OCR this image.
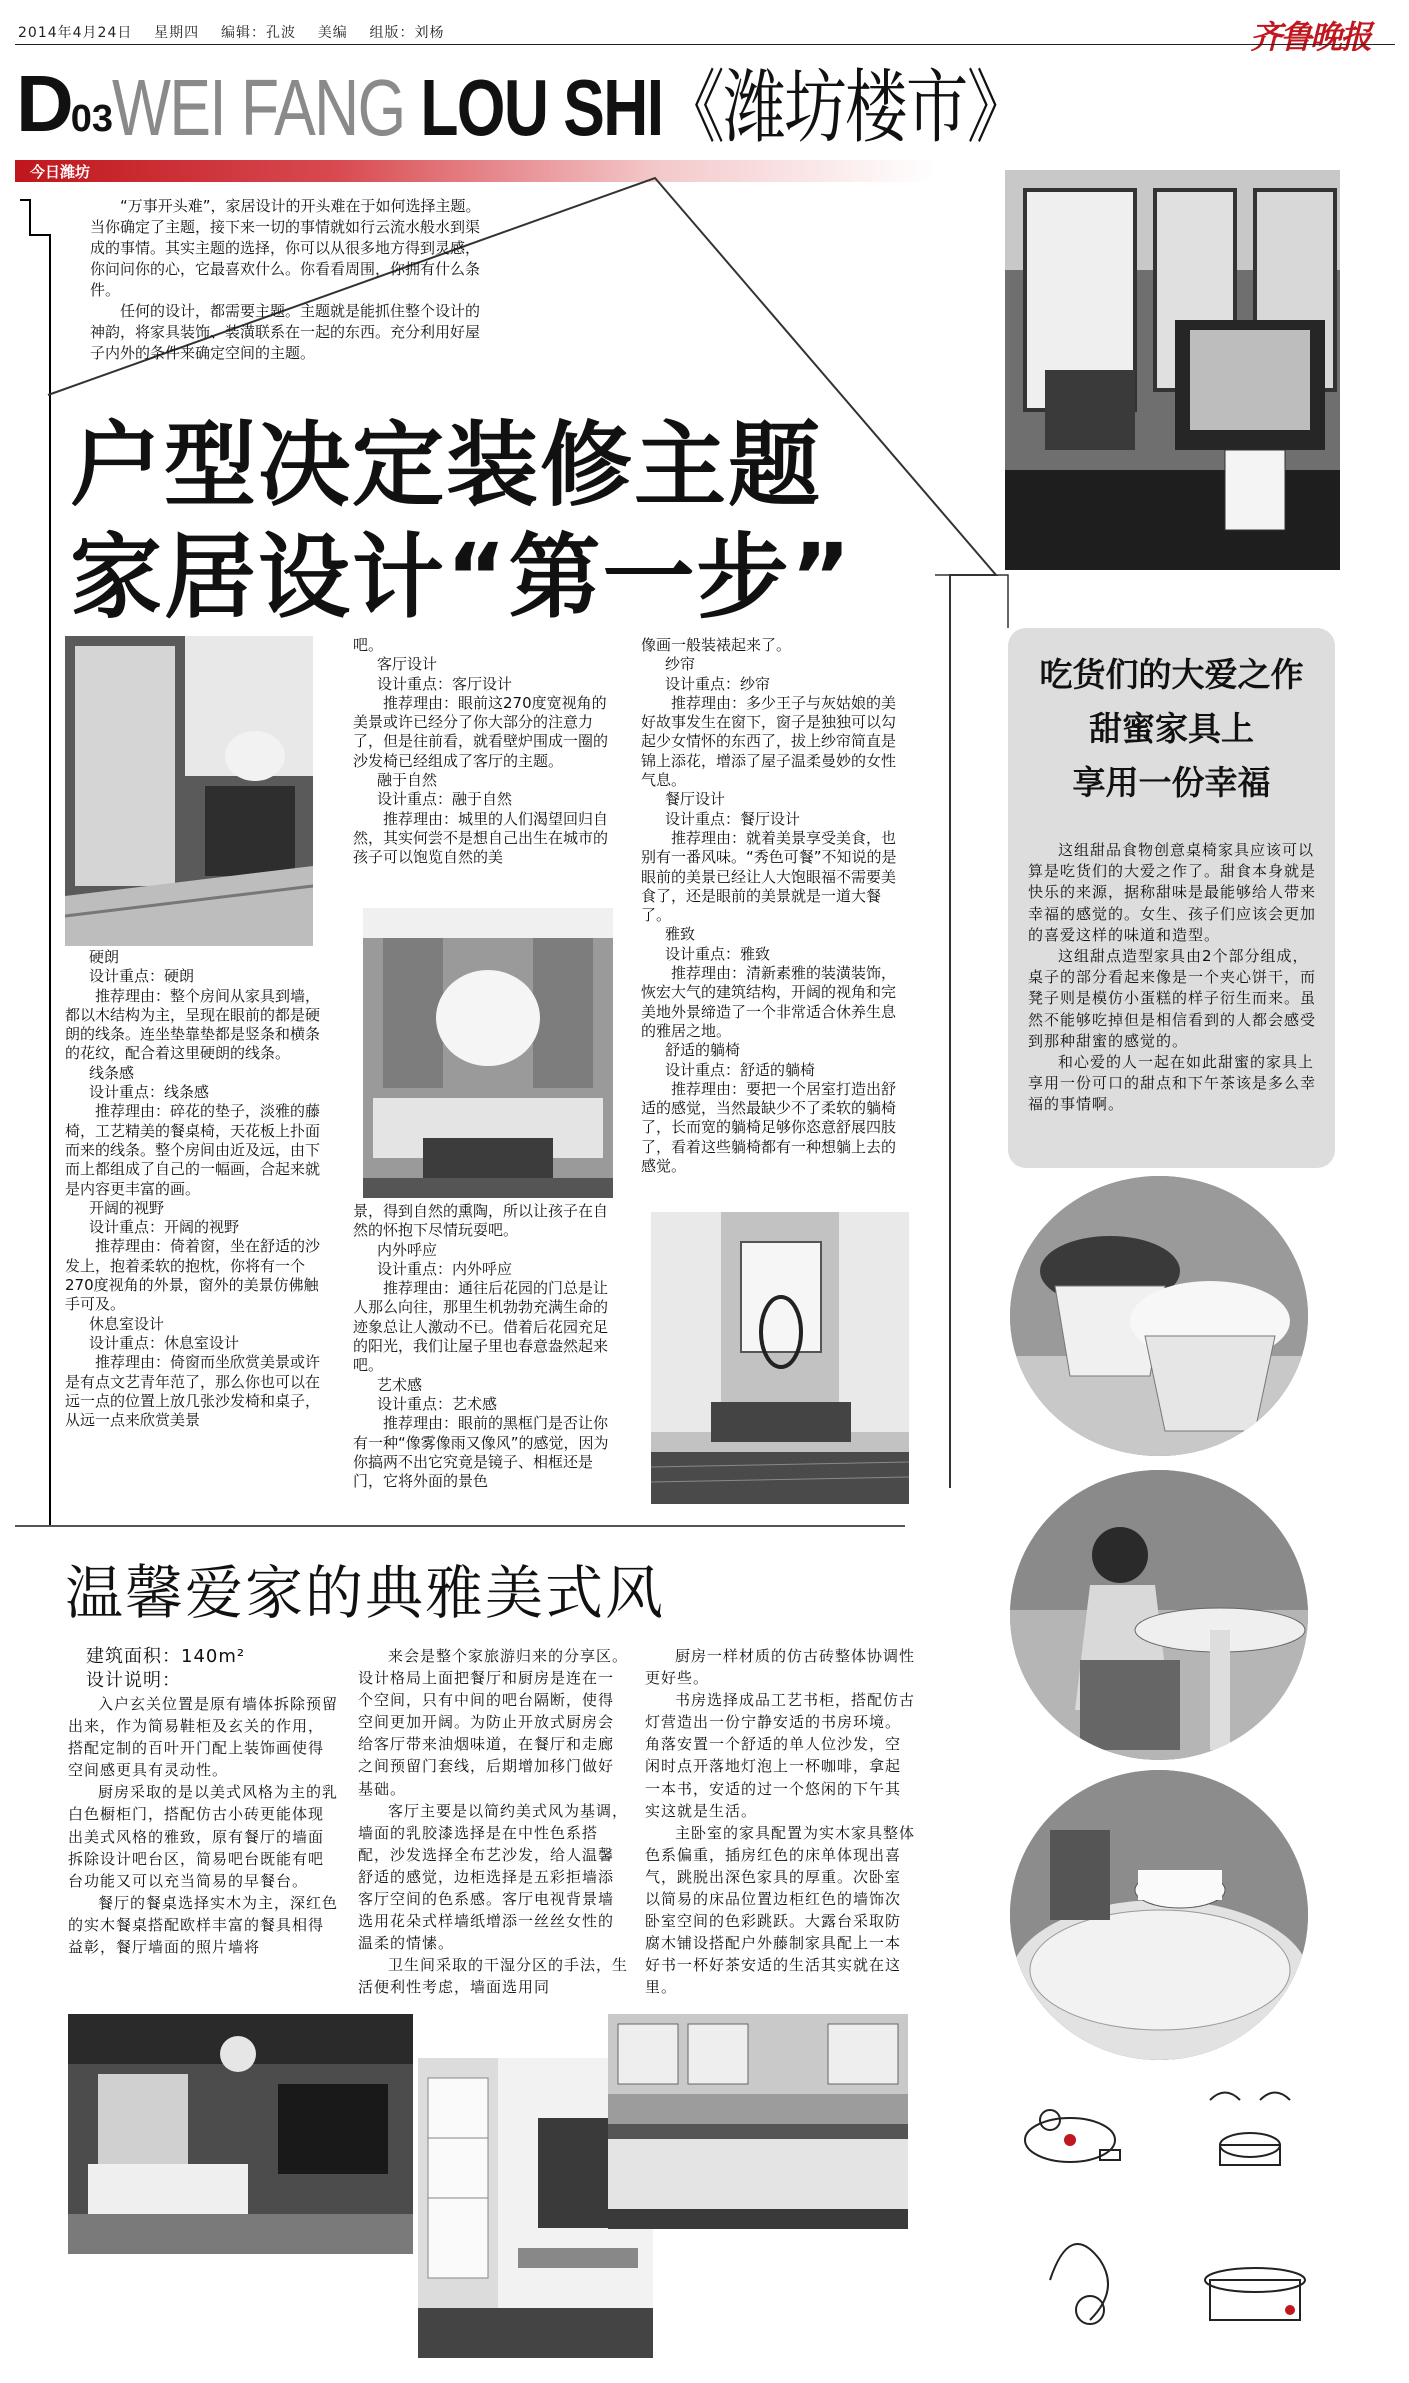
2014年4月24日    星期四    编辑：孔波    美编    组版：刘杨	齐鲁晚报
D03
WEI FANG LOU SHI《潍坊楼市》
今日潍坊

“万事开头难”，家居设计的开头难在于如何选择主题。当你确定了主题，接下来一切的事情就如行云流水般水到渠成的事情。其实主题的选择，你可以从很多地方得到灵感，你问问你的心，它最喜欢什么。你看看周围，你拥有什么条件。

任何的设计，都需要主题。主题就是能抓住整个设计的神韵，将家具装饰、装潢联系在一起的东西。充分利用好屋子内外的条件来确定空间的主题。

户型决定装修主题
家居设计“第一步”

硬朗

设计重点：硬朗

推荐理由：整个房间从家具到墙，都以木结构为主，呈现在眼前的都是硬朗的线条。连坐垫靠垫都是竖条和横条的花纹，配合着这里硬朗的线条。

线条感

设计重点：线条感

推荐理由：碎花的垫子，淡雅的藤椅，工艺精美的餐桌椅，天花板上扑面而来的线条。整个房间由近及远，由下而上都组成了自己的一幅画，合起来就是内容更丰富的画。

开阔的视野

设计重点：开阔的视野

推荐理由：倚着窗，坐在舒适的沙发上，抱着柔软的抱枕，你将有一个270度视角的外景，窗外的美景仿佛触手可及。

休息室设计

设计重点：休息室设计

推荐理由：倚窗而坐欣赏美景或许是有点文艺青年范了，那么你也可以在远一点的位置上放几张沙发椅和桌子，从远一点来欣赏美景

吧。

客厅设计

设计重点：客厅设计

推荐理由：眼前这270度宽视角的美景或许已经分了你大部分的注意力了，但是往前看，就看壁炉围成一圈的沙发椅已经组成了客厅的主题。

融于自然

设计重点：融于自然

推荐理由：城里的人们渴望回归自然，其实何尝不是想自己出生在城市的孩子可以饱览自然的美

景，得到自然的熏陶，所以让孩子在自然的怀抱下尽情玩耍吧。

内外呼应

设计重点：内外呼应

推荐理由：通往后花园的门总是让人那么向往，那里生机勃勃充满生命的迹象总让人激动不已。借着后花园充足的阳光，我们让屋子里也春意盎然起来吧。

艺术感

设计重点：艺术感

推荐理由：眼前的黑框门是否让你有一种“像雾像雨又像风”的感觉，因为你搞两不出它究竟是镜子、相框还是门，它将外面的景色

像画一般装裱起来了。

纱帘

设计重点：纱帘

推荐理由：多少王子与灰姑娘的美好故事发生在窗下，窗子是独独可以勾起少女情怀的东西了，拔上纱帘简直是锦上添花，增添了屋子温柔曼妙的女性气息。

餐厅设计

设计重点：餐厅设计

推荐理由：就着美景享受美食，也别有一番风味。“秀色可餐”不知说的是眼前的美景已经让人大饱眼福不需要美食了，还是眼前的美景就是一道大餐了。

雅致

设计重点：雅致

推荐理由：清新素雅的装潢装饰，恢宏大气的建筑结构，开阔的视角和完美地外景缔造了一个非常适合休养生息的雅居之地。

舒适的躺椅

设计重点：舒适的躺椅

推荐理由：要把一个居室打造出舒适的感觉，当然最缺少不了柔软的躺椅了，长而宽的躺椅足够你恣意舒展四肢了，看着这些躺椅都有一种想躺上去的感觉。

吃货们的大爱之作
甜蜜家具上
享用一份幸福

这组甜品食物创意桌椅家具应该可以算是吃货们的大爱之作了。甜食本身就是快乐的来源，据称甜味是最能够给人带来幸福的感觉的。女生、孩子们应该会更加的喜爱这样的味道和造型。

这组甜点造型家具由2个部分组成，桌子的部分看起来像是一个夹心饼干，而凳子则是模仿小蛋糕的样子衍生而来。虽然不能够吃掉但是相信看到的人都会感受到那种甜蜜的感觉的。

和心爱的人一起在如此甜蜜的家具上享用一份可口的甜点和下午茶该是多么幸福的事情啊。

温馨爱家的典雅美式风

建筑面积：140m²

设计说明：

入户玄关位置是原有墙体拆除预留出来，作为简易鞋柜及玄关的作用，搭配定制的百叶开门配上装饰画使得空间感更具有灵动性。

厨房采取的是以美式风格为主的乳白色橱柜门，搭配仿古小砖更能体现出美式风格的雅致，原有餐厅的墙面拆除设计吧台区，简易吧台既能有吧台功能又可以充当简易的早餐台。

餐厅的餐桌选择实木为主，深红色的实木餐桌搭配欧样丰富的餐具相得益彰，餐厅墙面的照片墙将

来会是整个家旅游归来的分享区。设计格局上面把餐厅和厨房是连在一个空间，只有中间的吧台隔断，使得空间更加开阔。为防止开放式厨房会给客厅带来油烟味道，在餐厅和走廊之间预留门套线，后期增加移门做好基础。

客厅主要是以简约美式风为基调，墙面的乳胶漆选择是在中性色系搭配，沙发选择全布艺沙发，给人温馨舒适的感觉，边柜选择是五彩拒墙添客厅空间的色系感。客厅电视背景墙选用花朵式样墙纸增添一丝丝女性的温柔的情愫。

卫生间采取的干湿分区的手法，生活便利性考虑，墙面选用同

厨房一样材质的仿古砖整体协调性更好些。

书房选择成品工艺书柜，搭配仿古灯营造出一份宁静安适的书房环境。角落安置一个舒适的单人位沙发，空闲时点开落地灯泡上一杯咖啡，拿起一本书，安适的过一个悠闲的下午其实这就是生活。

主卧室的家具配置为实木家具整体色系偏重，插房红色的床单体现出喜气，跳脱出深色家具的厚重。次卧室以简易的床品位置边柜红色的墙饰次卧室空间的色彩跳跃。大露台采取防腐木铺设搭配户外藤制家具配上一本好书一杯好茶安适的生活其实就在这里。
